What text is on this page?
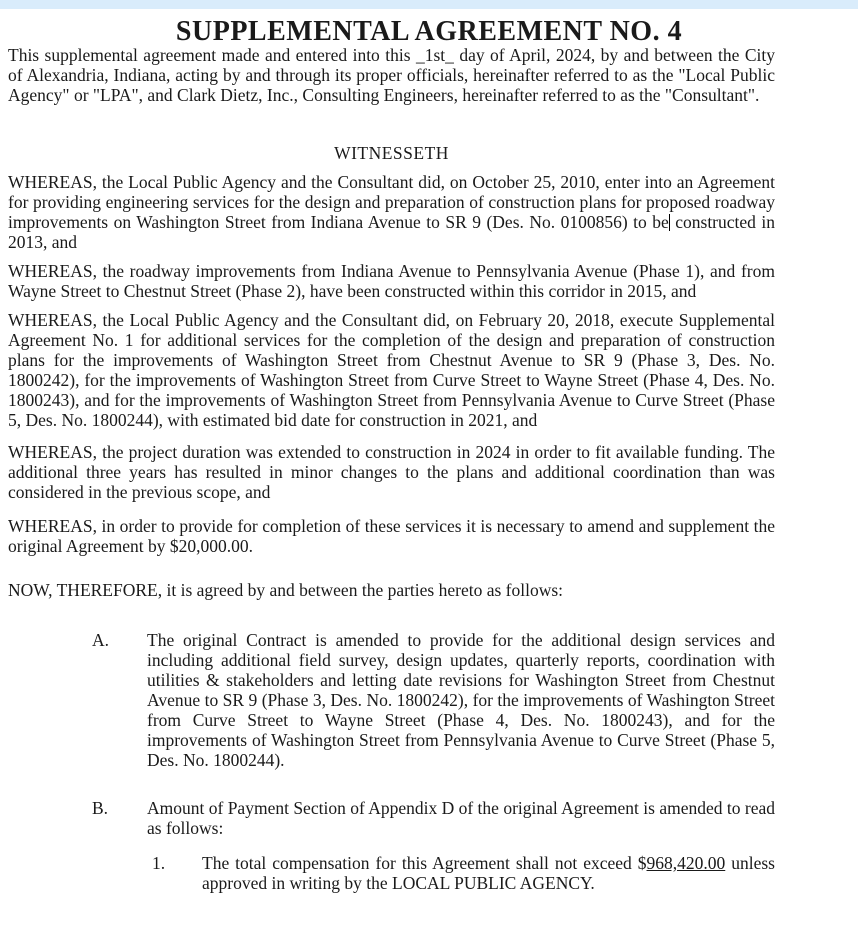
SUPPLEMENTAL AGREEMENT NO. 4

This supplemental agreement made and entered into this _1st_ day of April, 2024, by and between the City of Alexandria, Indiana, acting by and through its proper officials, hereinafter referred to as the "Local Public Agency" or "LPA", and Clark Dietz, Inc., Consulting Engineers, hereinafter referred to as the "Consultant".

WITNESSETH

WHEREAS, the Local Public Agency and the Consultant did, on October 25, 2010, enter into an Agreement for providing engineering services for the design and preparation of construction plans for proposed roadway improvements on Washington Street from Indiana Avenue to SR 9 (Des. No. 0100856) to be constructed in 2013, and

WHEREAS, the roadway improvements from Indiana Avenue to Pennsylvania Avenue (Phase 1), and from Wayne Street to Chestnut Street (Phase 2), have been constructed within this corridor in 2015, and

WHEREAS, the Local Public Agency and the Consultant did, on February 20, 2018, execute Supplemental Agreement No. 1 for additional services for the completion of the design and preparation of construction plans for the improvements of Washington Street from Chestnut Avenue to SR 9 (Phase 3, Des. No. 1800242), for the improvements of Washington Street from Curve Street to Wayne Street (Phase 4, Des. No. 1800243), and for the improvements of Washington Street from Pennsylvania Avenue to Curve Street (Phase 5, Des. No. 1800244), with estimated bid date for construction in 2021, and

WHEREAS, the project duration was extended to construction in 2024 in order to fit available funding. The additional three years has resulted in minor changes to the plans and additional coordination than was considered in the previous scope, and

WHEREAS, in order to provide for completion of these services it is necessary to amend and supplement the original Agreement by $20,000.00.

NOW, THEREFORE, it is agreed by and between the parties hereto as follows:

A.	The original Contract is amended to provide for the additional design services and including additional field survey, design updates, quarterly reports, coordination with utilities & stakeholders and letting date revisions for Washington Street from Chestnut Avenue to SR 9 (Phase 3, Des. No. 1800242), for the improvements of Washington Street from Curve Street to Wayne Street (Phase 4, Des. No. 1800243), and for the improvements of Washington Street from Pennsylvania Avenue to Curve Street (Phase 5, Des. No. 1800244).
B.	Amount of Payment Section of Appendix D of the original Agreement is amended to read as follows:
1.	The total compensation for this Agreement shall not exceed $968,420.00 unless approved in writing by the LOCAL PUBLIC AGENCY.
